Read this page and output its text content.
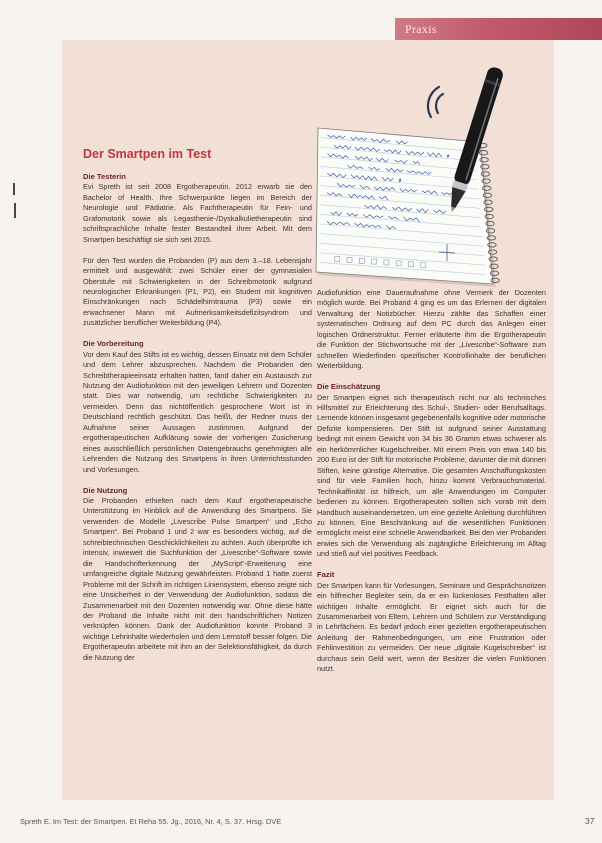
Praxis
Der Smartpen im Test
Die Testerin

Evi Spreth ist seit 2008 Ergotherapeutin. 2012 erwarb sie den Bachelor of Health. Ihre Schwerpunkte liegen im Bereich der Neurologie und Pädiatrie. Als Fachtherapeutin für Fein- und Grafomotorik sowie als Legasthenie-/Dyskalkulietherapeutin sind schriftsprachliche Inhalte fester Bestandteil ihrer Arbeit. Mit dem Smartpen beschäftigt sie sich seit 2015.

Für den Test wurden die Probanden (P) aus dem 3.–18. Lebensjahr ermittelt und ausgewählt: zwei Schüler einer der gymnasialen Oberstufe mit Schwierigkeiten in der Schreibmotorik aufgrund neurologischer Erkrankungen (P1, P2), ein Student mit kognitiven Einschränkungen nach Schädelhirntrauma (P3) sowie ein erwachsener Mann mit Aufmerksamkeitsdefizitsyndrom und zusätzlicher beruflicher Weiterbildung (P4).

Die Vorbereitung

Vor dem Kauf des Stifts ist es wichtig, dessen Einsatz mit dem Schüler und dem Lehrer abzusprechen. Nachdem die Probanden den Schreibtherapieeinsatz erhalten hatten, fand daher ein Austausch zur Nutzung der Audiofunktion mit den jeweiligen Lehrern und Dozenten statt. Dies war notwendig, um rechtliche Schwierigkeiten zu vermeiden. Denn das nichtöffentlich gesprochene Wort ist in Deutschland rechtlich geschützt. Das heißt, der Redner muss der Aufnahme seiner Aussagen zustimmen. Aufgrund der ergotherapeutischen Aufklärung sowie der vorherigen Zusicherung eines ausschließlich persönlichen Datengebrauchs genehmigten alle Lehrenden die Nutzung des Smartpens in ihren Unterrichtsstunden und Vorlesungen.

Die Nutzung

Die Probanden erhielten nach dem Kauf ergotherapeutische Unterstützung im Hinblick auf die Anwendung des Smartpens. Sie verwenden die Modelle „Livescribe Pulse Smartpen“ und „Echo Smartpen“. Bei Proband 1 und 2 war es besonders wichtig, auf die schreibtechnischen Geschicklichkeiten zu achten. Auch überprüfte ich intensiv, inwieweit die Suchfunktion der „Livescribe“-Software sowie die Handschrifterkennung der „MyScript“-Erweiterung eine umfangreiche digitale Nutzung gewährleisten. Proband 1 hatte zuerst Probleme mit der Schrift im richtigen Liniensystem, ebenso zeigte sich eine Unsicherheit in der Verwendung der Audiofunktion, sodass die Zusammenarbeit mit den Dozenten notwendig war. Ohne diese hätte der Proband die Inhalte nicht mit den handschriftlichen Notizen verknüpfen können. Dank der Audiofunktion konnte Proband 3 wichtige Lehrinhalte wiederholen und dem Lernstoff besser folgen. Die Ergotherapeutin arbeitete mit ihm an der Selektionsfähigkeit, da durch die Nutzung der

Audiofunktion eine Daueraufnahme ohne Vermerk der Dozenten möglich wurde. Bei Proband 4 ging es um das Erlernen der digitalen Verwaltung der Notizbücher. Hierzu zählte das Schaffen einer systematischen Ordnung auf dem PC durch das Anlegen einer logischen Ordnerstruktur. Ferner erläuterte ihm die Ergotherapeutin die Funktion der Stichwortsuche mit der „Livescribe“-Software zum schnellen Wiederfinden spezifischer Kontrollinhalte der beruflichen Weiterbildung.

Die Einschätzung

Der Smartpen eignet sich therapeutisch nicht nur als technisches Hilfsmittel zur Erleichterung des Schul-, Studien- oder Berufsalltags. Lernende können insgesamt gegebenenfalls kognitive oder motorische Defizite kompensieren. Der Stift ist aufgrund seiner Ausstattung bedingt mit einem Gewicht von 34 bis 36 Gramm etwas schwerer als ein herkömmlicher Kugelschreiber. Mit einem Preis von etwa 140 bis 200 Euro ist der Stift für motorische Probleme, darunter die mit dünnen Stiften, keine günstige Alternative. Die gesamten Anschaffungskosten sind für viele Familien hoch, hinzu kommt Verbrauchsmaterial. Technikaffinität ist hilfreich, um alle Anwendungen im Computer bedienen zu können. Ergotherapeuten sollten sich vorab mit dem Handbuch auseinandersetzen, um eine gezielte Anleitung durchführen zu können. Eine Beschränkung auf die wesentlichen Funktionen ermöglicht meist eine schnelle Anwendbarkeit. Bei den vier Probanden erwies sich die Verwendung als zugängliche Erleichterung im Alltag und stieß auf viel positives Feedback.

Fazit

Der Smartpen kann für Vorlesungen, Seminare und Gesprächsnotizen ein hilfreicher Begleiter sein, da er ein lückenloses Festhalten aller wichtigen Inhalte ermöglicht. Er eignet sich auch für die Zusammenarbeit von Eltern, Lehrern und Schülern zur Verständigung in Lehrfächern. Es bedarf jedoch einer gezielten ergotherapeutischen Anleitung der Rahmenbedingungen, um eine Frustration oder Fehlinvestition zu vermeiden. Der neue „digitale Kugelschreiber“ ist durchaus sein Geld wert, wenn der Besitzer die vielen Funktionen nutzt.

Spreth E. Im Test: der Smartpen. Et Reha 55. Jg., 2016, Nr. 4, S. 37. Hrsg. DVE	37
